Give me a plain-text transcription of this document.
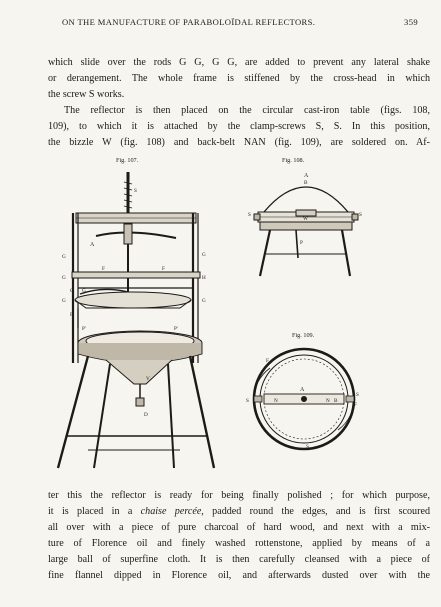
ON THE MANUFACTURE OF PARABOLOÏDAL REFLECTORS.	359
which slide over the rods G G, G G, are added to prevent any lateral shake
or derangement. The whole frame is stiffened by the cross-head in which
the screw S works.
The reflector is then placed on the circular cast-iron table (figs. 108,
109), to which it is attached by the clamp-screws S, S. In this position,
the bizzle W (fig. 108) and back-belt NAN (fig. 109), are soldered on. Af-
Fig. 107.
S
A
G	G
G	H
F	F
G	G
G
C
F
P'	P'
V
D
Fig. 108.
A
B
S
W
S
P
Fig. 109.
F
A
N	N B
S
S
F
S
ter this the reflector is ready for being finally polished ; for which purpose,
it is placed in a chaise percée, padded round the edges, and is first scoured
all over with a piece of pure charcoal of hard wood, and next with a mix-
ture of Florence oil and finely washed rottenstone, applied by means of a
large ball of superfine cloth. It is then carefully cleansed with a piece of
fine flannel dipped in Florence oil, and afterwards dusted over with the
